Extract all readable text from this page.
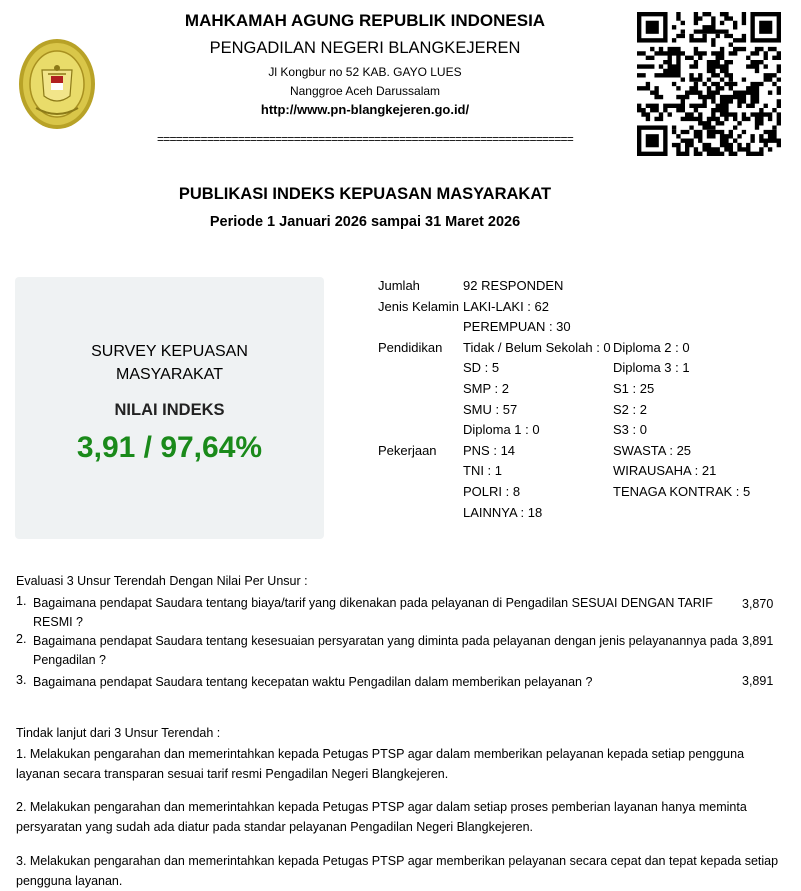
MAHKAMAH AGUNG REPUBLIK INDONESIA
PENGADILAN NEGERI BLANGKEJEREN
Jl Kongbur no 52 KAB. GAYO LUES
Nanggroe Aceh Darussalam
http://www.pn-blangkejeren.go.id/
===================================================================
PUBLIKASI INDEKS KEPUASAN MASYARAKAT
Periode 1 Januari 2026 sampai 31 Maret 2026
SURVEY KEPUASAN
MASYARAKAT
NILAI INDEKS
3,91 / 97,64%
Jumlah	92 RESPONDEN
Jenis Kelamin LAKI-LAKI : 62
PEREMPUAN : 30
Pendidikan Tidak / Belum Sekolah : 0
SD : 5
SMP : 2
SMU : 57
Diploma 1 : 0
Diploma 2 : 0
Diploma 3 : 1
S1 : 25
S2 : 2
S3 : 0
Pekerjaan PNS : 14
TNI : 1
POLRI : 8
LAINNYA : 18
SWASTA : 25
WIRAUSAHA : 21
TENAGA KONTRAK : 5
Evaluasi 3 Unsur Terendah Dengan Nilai Per Unsur :
1. Bagaimana pendapat Saudara tentang biaya/tarif yang dikenakan pada pelayanan di Pengadilan SESUAI DENGAN TARIF RESMI ?
3,870
2. Bagaimana pendapat Saudara tentang kesesuaian persyaratan yang diminta pada pelayanan dengan jenis pelayanannya pada Pengadilan ?
3,891
3. Bagaimana pendapat Saudara tentang kecepatan waktu Pengadilan dalam memberikan pelayanan ?	3,891
Tindak lanjut dari 3 Unsur Terendah :
1. Melakukan pengarahan dan memerintahkan kepada Petugas PTSP agar dalam memberikan pelayanan kepada setiap pengguna layanan secara transparan sesuai tarif resmi Pengadilan Negeri Blangkejeren.
2. Melakukan pengarahan dan memerintahkan kepada Petugas PTSP agar dalam setiap proses pemberian layanan hanya meminta persyaratan yang sudah ada diatur pada standar pelayanan Pengadilan Negeri Blangkejeren.
3. Melakukan pengarahan dan memerintahkan kepada Petugas PTSP agar memberikan pelayanan secara cepat dan tepat kepada setiap pengguna layanan.
